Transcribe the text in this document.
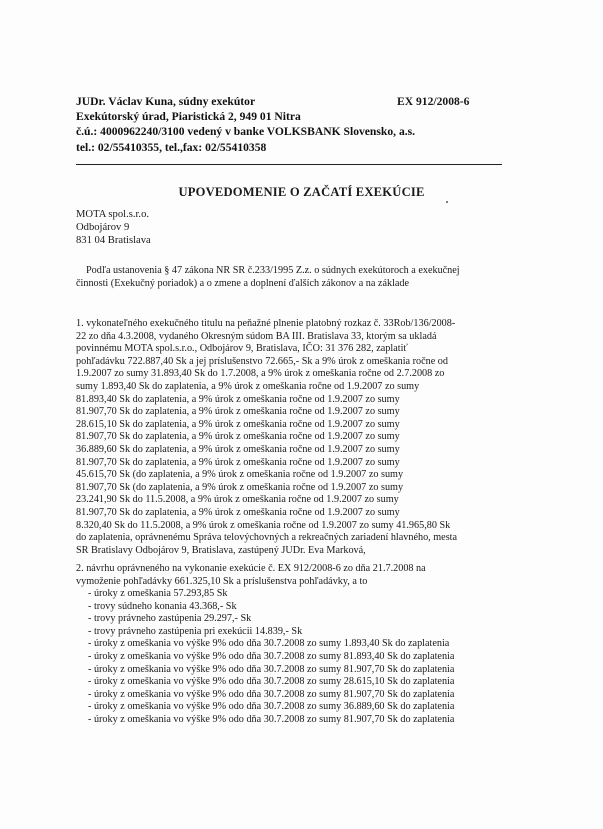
JUDr. Václav Kuna, súdny exekútor
Exekútorský úrad, Piaristická 2, 949 01 Nitra
č.ú.: 4000962240/3100 vedený v banke VOLKSBANK Slovensko, a.s.
tel.: 02/55410355, tel.,fax: 02/55410358
EX 912/2008-6
UPOVEDOMENIE O ZAČATÍ EXEKÚCIE
MOTA spol.s.r.o.
Odbojárov 9
831 04 Bratislava
Podľa ustanovenia § 47 zákona NR SR č.233/1995 Z.z. o súdnych exekútoroch a exekučnej
činnosti (Exekučný poriadok) a o zmene a doplnení ďalších zákonov a na základe
1. vykonateľného exekučného titulu na peňažné plnenie platobný rozkaz č. 33Rob/136/2008-
22 zo dňa 4.3.2008, vydaného Okresným súdom BA III. Bratislava 33, ktorým sa ukladá
povinnému MOTA spol.s.r.o., Odbojárov 9, Bratislava, IČO: 31 376 282, zaplatiť
pohľadávku 722.887,40 Sk a jej príslušenstvo 72.665,- Sk a 9% úrok z omeškania ročne od
1.9.2007 zo sumy 31.893,40 Sk do 1.7.2008, a 9% úrok z omeškania ročne od 2.7.2008 zo
sumy 1.893,40 Sk do zaplatenia, a 9% úrok z omeškania ročne od 1.9.2007 zo sumy
81.893,40 Sk do zaplatenia, a 9% úrok z omeškania ročne od 1.9.2007 zo sumy
81.907,70 Sk do zaplatenia, a 9% úrok z omeškania ročne od 1.9.2007 zo sumy
28.615,10 Sk do zaplatenia, a 9% úrok z omeškania ročne od 1.9.2007 zo sumy
81.907,70 Sk do zaplatenia, a 9% úrok z omeškania ročne od 1.9.2007 zo sumy
36.889,60 Sk do zaplatenia, a 9% úrok z omeškania ročne od 1.9.2007 zo sumy
81.907,70 Sk do zaplatenia, a 9% úrok z omeškania ročne od 1.9.2007 zo sumy
45.615,70 Sk (do zaplatenia, a 9% úrok z omeškania ročne od 1.9.2007 zo sumy
81.907,70 Sk (do zaplatenia, a 9% úrok z omeškania ročne od 1.9.2007 zo sumy
23.241,90 Sk do 11.5.2008, a 9% úrok z omeškania ročne od 1.9.2007 zo sumy
81.907,70 Sk do zaplatenia, a 9% úrok z omeškania ročne od 1.9.2007 zo sumy
8.320,40 Sk do 11.5.2008, a 9% úrok z omeškania ročne od 1.9.2007 zo sumy 41.965,80 Sk
do zaplatenia, oprávnenému Správa telovýchovných a rekreačných zariadení hlavného, mesta
SR Bratislavy Odbojárov 9, Bratislava, zastúpený JUDr. Eva Marková,
2. návrhu oprávneného na vykonanie exekúcie č. EX 912/2008-6 zo dňa 21.7.2008 na
vymoženie pohľadávky 661.325,10 Sk a príslušenstva pohľadávky, a to
- úroky z omeškania 57.293,85 Sk
- trovy súdneho konania 43.368,- Sk
- trovy právneho zastúpenia 29.297,- Sk
- trovy právneho zastúpenia pri exekúcii 14.839,- Sk
- úroky z omeškania vo výške 9% odo dňa 30.7.2008 zo sumy 1.893,40 Sk do zaplatenia
- úroky z omeškania vo výške 9% odo dňa 30.7.2008 zo sumy 81.893,40 Sk do zaplatenia
- úroky z omeškania vo výške 9% odo dňa 30.7.2008 zo sumy 81.907,70 Sk do zaplatenia
- úroky z omeškania vo výške 9% odo dňa 30.7.2008 zo sumy 28.615,10 Sk do zaplatenia
- úroky z omeškania vo výške 9% odo dňa 30.7.2008 zo sumy 81.907,70 Sk do zaplatenia
- úroky z omeškania vo výške 9% odo dňa 30.7.2008 zo sumy 36.889,60 Sk do zaplatenia
- úroky z omeškania vo výške 9% odo dňa 30.7.2008 zo sumy 81.907,70 Sk do zaplatenia
